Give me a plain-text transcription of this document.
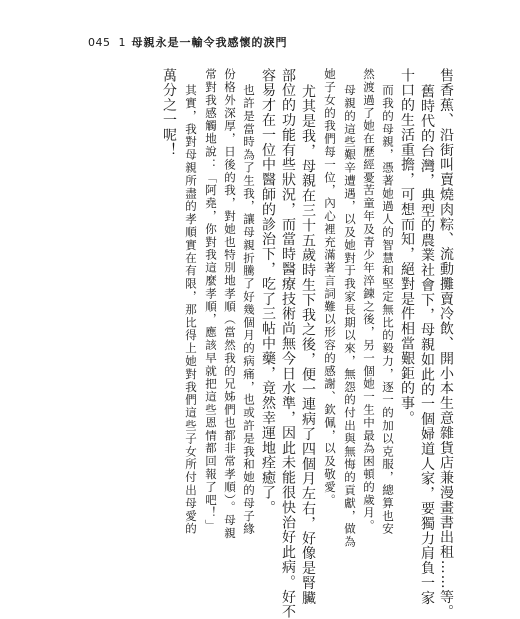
045 1 母親永是一輸令我感懷的淚門
售香蕉、沿街叫賣燒肉粽、流動攤賣冷飲、開小本生意雜貨店兼漫畫書出租……等。
舊時代的台灣，典型的農業社會下，母親如此的一個婦道人家，要獨力肩負一家
十口的生活重擔，可想而知，絕對是件相當艱鉅的事。
而我的母親，憑著她過人的智慧和堅定無比的毅力，逐一的加以克服，總算也安
然渡過了她在歷經憂苦童年及青少年淬鍊之後，另一個她一生中最為困頓的歲月。
母親的這些艱辛遭遇，以及她對于我家長期以來，無怨的付出與無悔的貢獻，做為
她子女的我們每一位，內心裡充滿著言詞難以形容的感謝、欽佩，以及敬愛。
尤其是我，母親在三十五歲時生下我之後，便一連病了四個月左右，好像是腎臟
部位的功能有些狀況，而當時醫療技術尚無今日水準，因此未能很快治好此病。好不
容易才在一位中醫師的診治下，吃了三帖中藥，竟然幸運地痊癒了。
也許是當時為了生我，讓母親折騰了好幾個月的病痛，也或許是我和她的母子緣
份格外深厚，日後的我，對她也特別地孝順（當然我的兄姊們也都非常孝順）。母親
常對我感觸地說：「阿堯，你對我這麼孝順，應該早就把這些恩情都回報了吧！」
其實，我對母親所盡的孝順實在有限，那比得上她對我們這些子女所付出母愛的
萬分之一呢！
